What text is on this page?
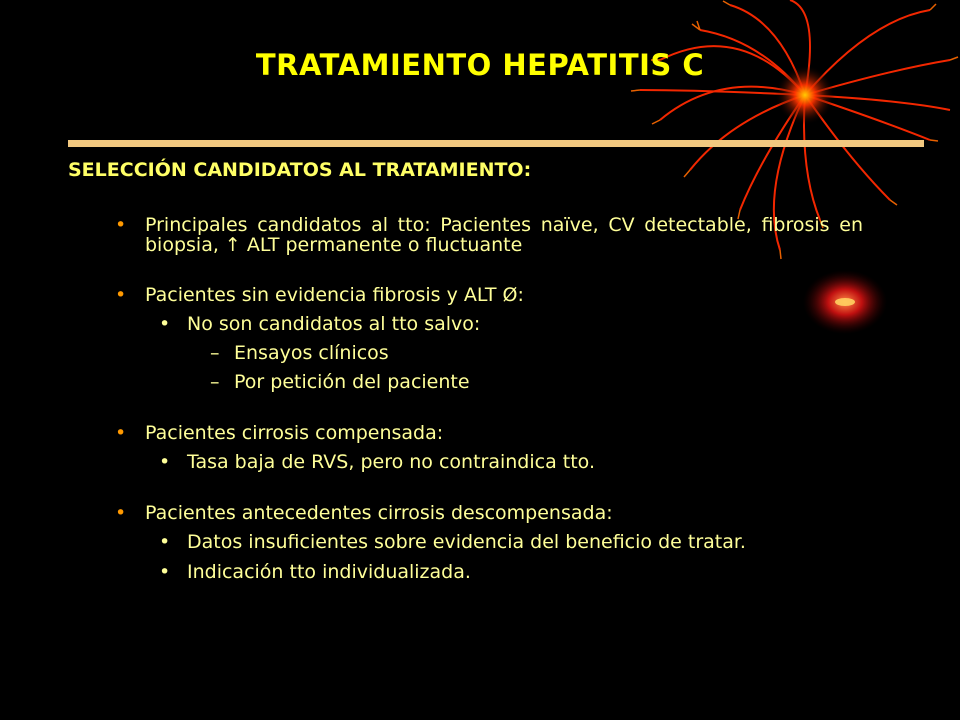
TRATAMIENTO HEPATITIS C
SELECCIÓN CANDIDATOS AL TRATAMIENTO:
• Principales candidatos al tto: Pacientes naïve, CV detectable, fibrosis en biopsia, ↑ ALT permanente o fluctuante
• Pacientes sin evidencia fibrosis y ALT Ø:
• No son candidatos al tto salvo:
– Ensayos clínicos
– Por petición del paciente
• Pacientes cirrosis compensada:
• Tasa baja de RVS, pero no contraindica tto.
• Pacientes antecedentes cirrosis descompensada:
• Datos insuficientes sobre evidencia del beneficio de tratar.
• Indicación tto individualizada.
